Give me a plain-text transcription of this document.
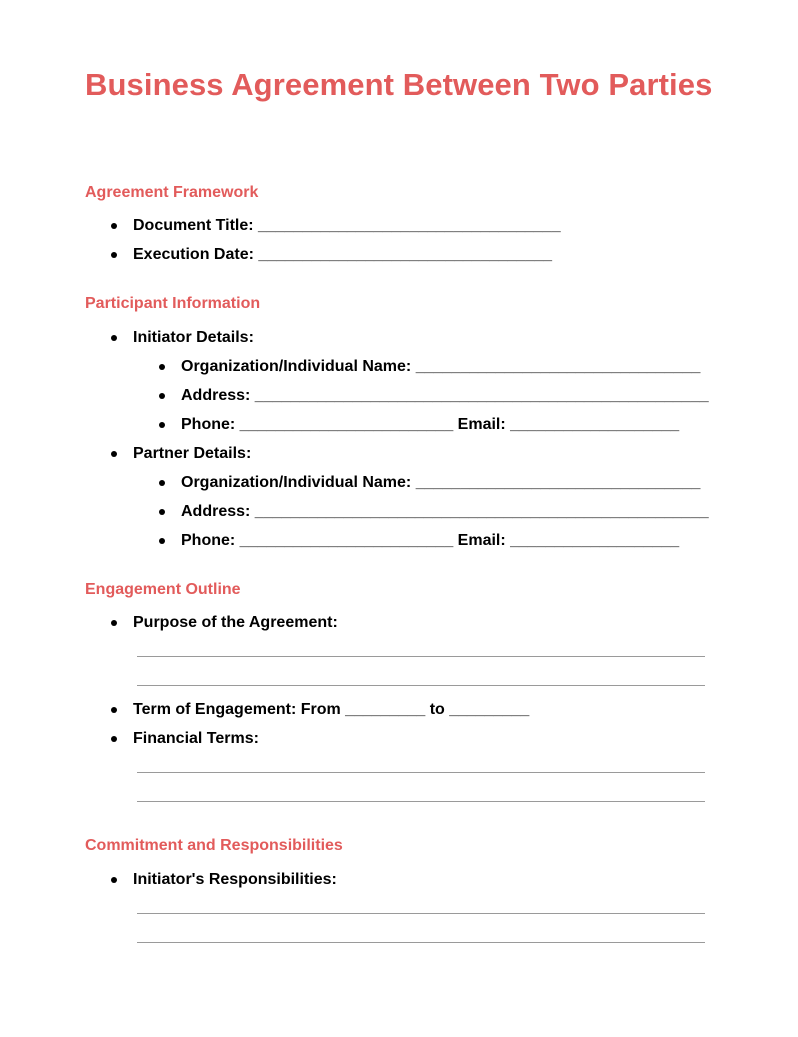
Business Agreement Between Two Parties
Agreement Framework
Document Title: __________________________________
Execution Date: _________________________________
Participant Information
Initiator Details:
Organization/Individual Name: ________________________________
Address: ___________________________________________________
Phone: ________________________ Email: ___________________
Partner Details:
Organization/Individual Name: ________________________________
Address: ___________________________________________________
Phone: ________________________ Email: ___________________
Engagement Outline
Purpose of the Agreement:
Term of Engagement: From _________ to _________
Financial Terms:
Commitment and Responsibilities
Initiator's Responsibilities:
